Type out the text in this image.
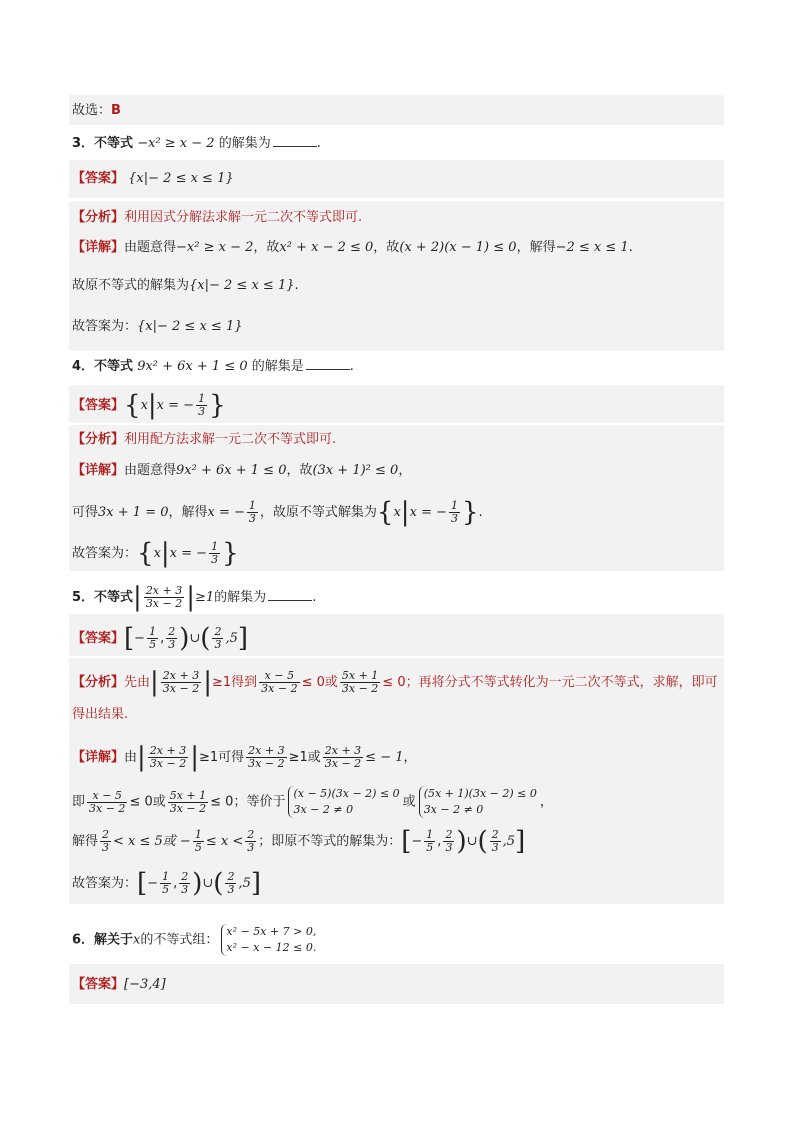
故选：B
3．不等式 −x² ≥ x − 2 的解集为	.
【答案】 {x|− 2 ≤ x ≤ 1}
【分析】利用因式分解法求解一元二次不等式即可.
【详解】由题意得−x² ≥ x − 2，故x² + x − 2 ≤ 0，故(x + 2)(x − 1) ≤ 0，解得−2 ≤ x ≤ 1.
故原不等式的解集为{x|− 2 ≤ x ≤ 1}.
故答案为：{x|− 2 ≤ x ≤ 1}
4．不等式 9x² + 6x + 1 ≤ 0 的解集是	.
【答案】{x|x = − $\frac{1}{3}$ }
【分析】利用配方法求解一元二次不等式即可.
【详解】由题意得9x² + 6x + 1 ≤ 0，故(3x + 1)² ≤ 0，
可得3x + 1 = 0，解得x = − $\frac{1}{3}$ ，故原不等式解集为{x|x = − $\frac{1}{3}$ }.
故答案为：{x|x = − $\frac{1}{3}$ }
5．不等式| $\frac{2x + 3}{3x - 2} |\ge 1$的解集为	.
【答案】[− $\frac{1}{5}$ , $\frac{2}{3}$ )∪( $\frac{2}{3} ,5$]
【分析】先由| $\frac{2x + 3}{3x - 2} |\ge 1$得到 $\frac{x - 5}{3x - 2} \le 0$或 $\frac{5x + 1}{3x - 2} \le 0$；再将分式不等式转化为一元二次不等式，求解，即可
得出结果.
【详解】由| $\frac{2x + 3}{3x - 2} |\ge 1$可得 $\frac{2x + 3}{3x - 2} \ge 1$或 $\frac{2x + 3}{3x - 2}$ ≤ − 1，
即 $\frac{x - 5}{3x - 2} \le 0$或 $\frac{5x + 1}{3x - 2} \le 0$；等价于
(x − 5)(3x − 2) ≤ 0
3x − 2 ≠ 0	或
(5x + 1)(3x − 2) ≤ 0
3x − 2 ≠ 0	，
解得 $\frac{2}{3} < x \le 5$或 − $\frac{1}{5} \le x < \frac{2}{3}$ ；即原不等式的解集为：[− $\frac{1}{5}$ , $\frac{2}{3}$ )∪( $\frac{2}{3} ,5$]
故答案为：[− $\frac{1}{5}$ , $\frac{2}{3}$ )∪( $\frac{2}{3} ,5$]
6．解关于x的不等式组：
x² − 5x + 7 > 0,
x² − x − 12 ≤ 0.
【答案】[−3,4]
